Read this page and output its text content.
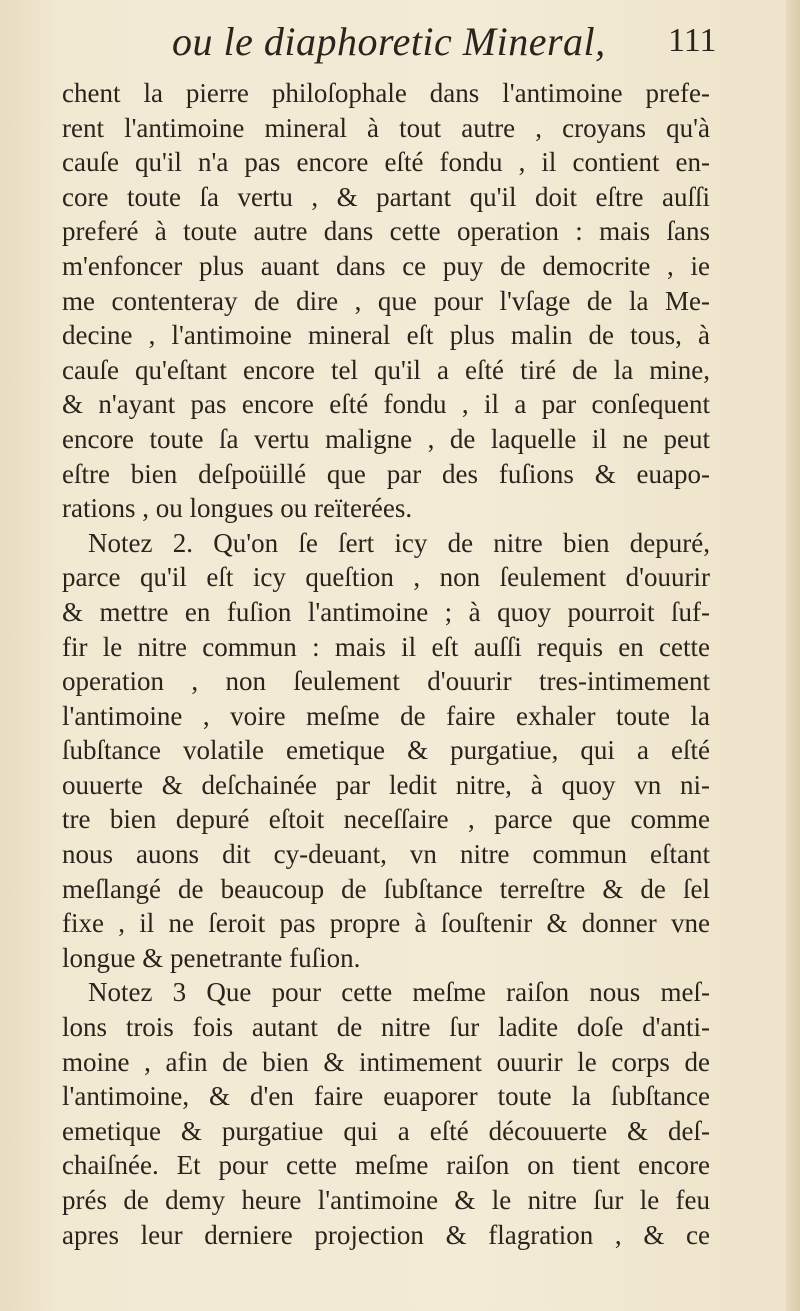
ou le diaphoretic Mineral, 111
chent la pierre philoſophale dans l'antimoine prefe-
rent l'antimoine mineral à tout autre , croyans qu'à
cauſe qu'il n'a pas encore eſté fondu , il contient en-
core toute ſa vertu , & partant qu'il doit eſtre auſſi
preferé à toute autre dans cette operation : mais ſans
m'enfoncer plus auant dans ce puy de democrite , ie
me contenteray de dire , que pour l'vſage de la Me-
decine , l'antimoine mineral eſt plus malin de tous, à
cauſe qu'eſtant encore tel qu'il a eſté tiré de la mine,
& n'ayant pas encore eſté fondu , il a par conſequent
encore toute ſa vertu maligne , de laquelle il ne peut
eſtre bien deſpoüillé que par des fuſions & euapo-
rations , ou longues ou reïterées.
Notez 2. Qu'on ſe ſert icy de nitre bien depuré,
parce qu'il eſt icy queſtion , non ſeulement d'ouurir
& mettre en fuſion l'antimoine ; à quoy pourroit ſuf-
fir le nitre commun : mais il eſt auſſi requis en cette
operation , non ſeulement d'ouurir tres-intimement
l'antimoine , voire meſme de faire exhaler toute la
ſubſtance volatile emetique & purgatiue, qui a eſté
ouuerte & deſchainée par ledit nitre, à quoy vn ni-
tre bien depuré eſtoit neceſſaire , parce que comme
nous auons dit cy-deuant, vn nitre commun eſtant
meſlangé de beaucoup de ſubſtance terreſtre & de ſel
fixe , il ne ſeroit pas propre à ſouſtenir & donner vne
longue & penetrante fuſion.
Notez 3 Que pour cette meſme raiſon nous meſ-
lons trois fois autant de nitre ſur ladite doſe d'anti-
moine , afin de bien & intimement ouurir le corps de
l'antimoine, & d'en faire euaporer toute la ſubſtance
emetique & purgatiue qui a eſté découuerte & deſ-
chaiſnée. Et pour cette meſme raiſon on tient encore
prés de demy heure l'antimoine & le nitre ſur le feu
apres leur derniere projection & flagration , & ce
